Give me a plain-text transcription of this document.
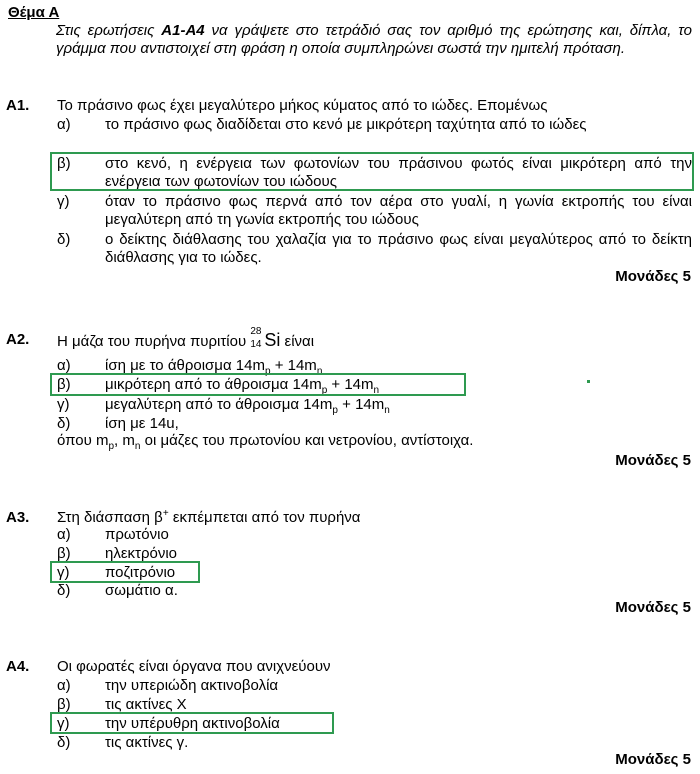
Θέμα Α
Στις ερωτήσεις Α1-Α4 να γράψετε στο τετράδιό σας τον αριθμό της ερώτησης και, δίπλα, το γράμμα που αντιστοιχεί στη φράση η οποία συμπληρώνει σωστά την ημιτελή πρόταση.
Α1. Το πράσινο φως έχει μεγαλύτερο μήκος κύματος από το ιώδες. Επομένως
α) το πράσινο φως διαδίδεται στο κενό με μικρότερη ταχύτητα από το ιώδες
β) στο κενό, η ενέργεια των φωτονίων του πράσινου φωτός είναι μικρότερη από την ενέργεια των φωτονίων του ιώδους
γ) όταν το πράσινο φως περνά από τον αέρα στο γυαλί, η γωνία εκτροπής του είναι μεγαλύτερη από τη γωνία εκτροπής του ιώδους
δ) ο δείκτης διάθλασης του χαλαζία για το πράσινο φως είναι μεγαλύτερος από το δείκτη διάθλασης για το ιώδες.
Μονάδες 5
Α2. Η μάζα του πυρήνα πυριτίου
28
14 Si είναι
α) ίση με το άθροισμα $14m_p + 14m_n$
β) μικρότερη από το άθροισμα $14m_p + 14m_n$
γ) μεγαλύτερη από το άθροισμα $14m_p + 14m_n$
δ) ίση με 14u,
όπου $m_p$, $m_n$ οι μάζες του πρωτονίου και νετρονίου, αντίστοιχα.
Μονάδες 5
Α3. Στη διάσπαση β+ εκπέμπεται από τον πυρήνα
α) πρωτόνιο
β) ηλεκτρόνιο
γ) ποζιτρόνιο
δ) σωμάτιο α.
Μονάδες 5
Α4. Οι φωρατές είναι όργανα που ανιχνεύουν
α) την υπεριώδη ακτινοβολία
β) τις ακτίνες Χ
γ) την υπέρυθρη ακτινοβολία
δ) τις ακτίνες γ.
Μονάδες 5
